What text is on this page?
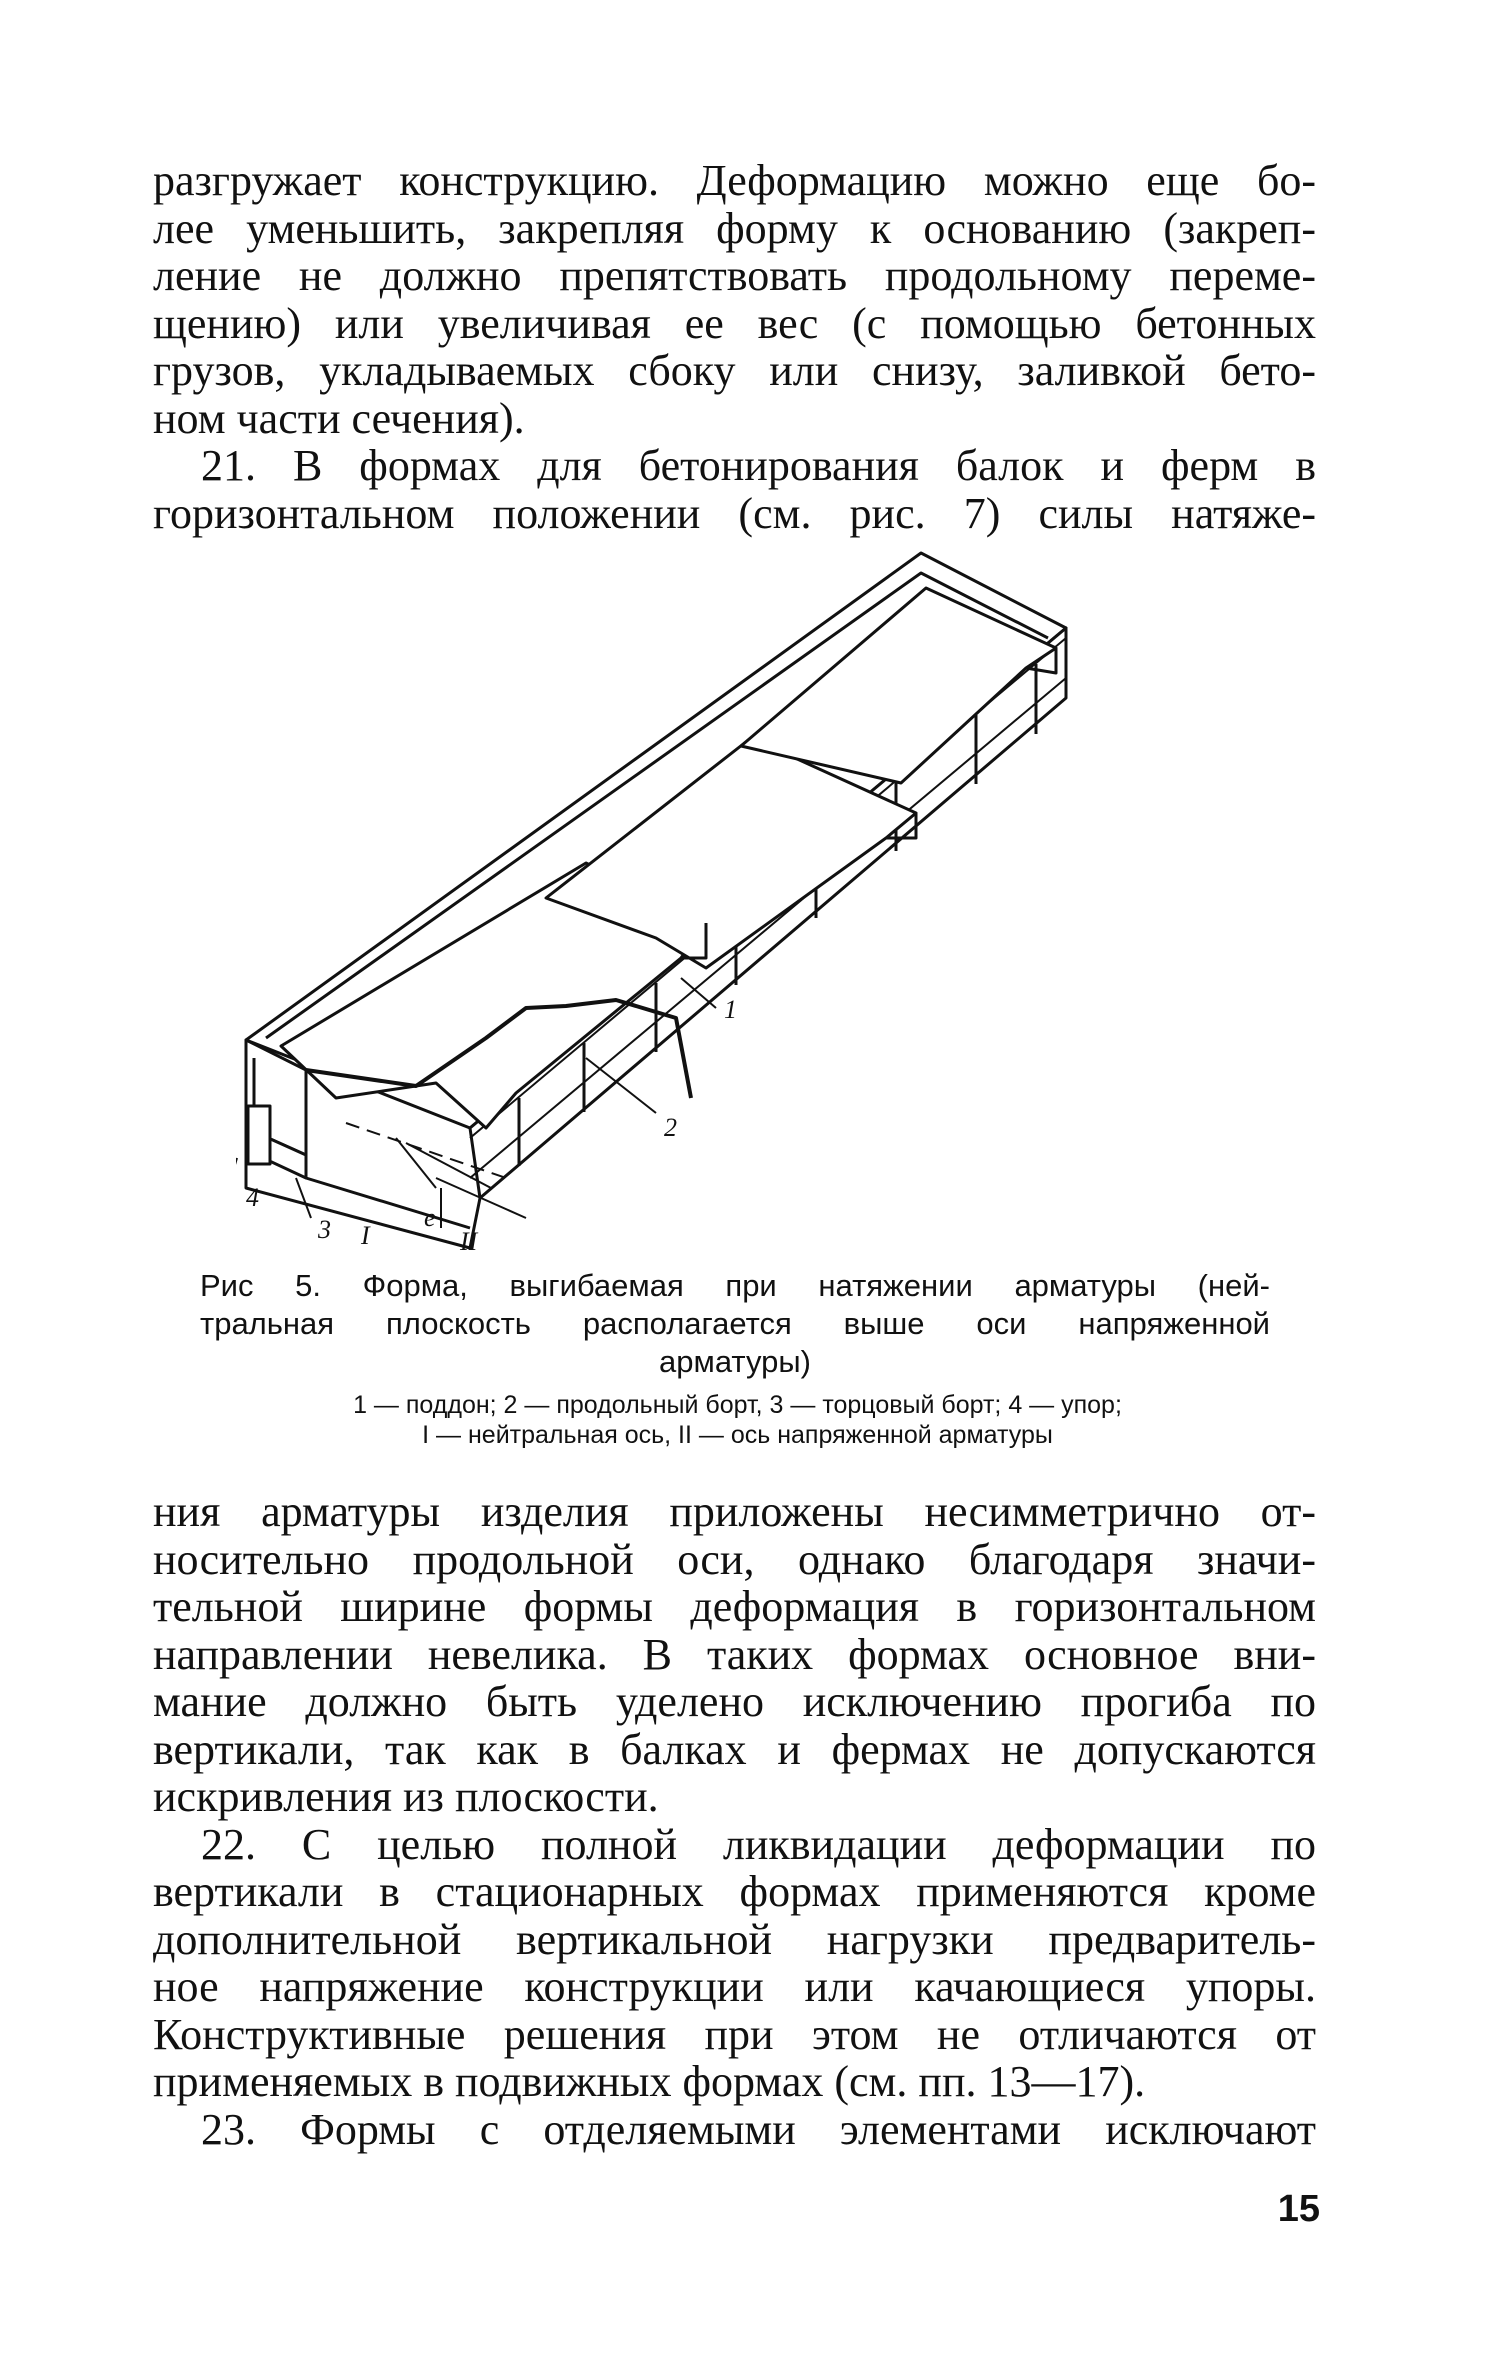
разгружает конструкцию. Деформацию можно еще бо-
лее уменьшить, закрепляя форму к основанию (закреп-
ление не должно препятствовать продольному переме-
щению) или увеличивая ее вес (с помощью бетонных
грузов, укладываемых сбоку или снизу, заливкой бето-
ном части сечения).
21. В формах для бетонирования балок и ферм в
горизонтальном положении (см. рис. 7) силы натяже-

1
2
3
4
I
e
II

Рис 5. Форма, выгибаемая при натяжении арматуры (ней-
тральная плоскость располагается выше оси напряженной
арматуры)

1 — поддон; 2 — продольный борт, 3 — торцовый борт; 4 — упор;
I — нейтральная ось, II — ось напряженной арматуры

ния арматуры изделия приложены несимметрично от-
носительно продольной оси, однако благодаря значи-
тельной ширине формы деформация в горизонтальном
направлении невелика. В таких формах основное вни-
мание должно быть уделено исключению прогиба по
вертикали, так как в балках и фермах не допускаются
искривления из плоскости.
22. С целью полной ликвидации деформации по
вертикали в стационарных формах применяются кроме
дополнительной вертикальной нагрузки предваритель-
ное напряжение конструкции или качающиеся упоры.
Конструктивные решения при этом не отличаются от
применяемых в подвижных формах (см. пп. 13—17).
23. Формы с отделяемыми элементами исключают

15
